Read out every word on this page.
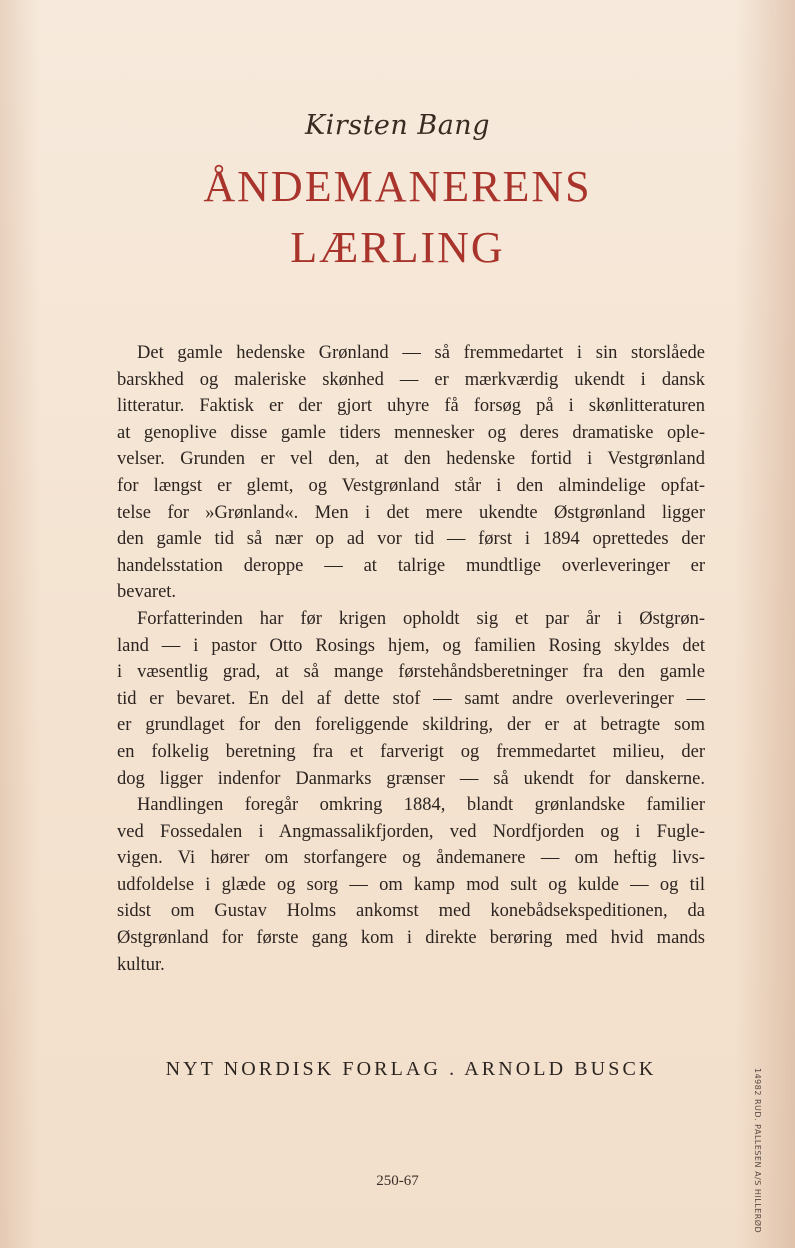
Kirsten Bang
ÅNDEMANERENS
LÆRLING

Det gamle hedenske Grønland — så fremmedartet i sin storslåede
barskhed og maleriske skønhed — er mærkværdig ukendt i dansk
litteratur. Faktisk er der gjort uhyre få forsøg på i skønlitteraturen
at genoplive disse gamle tiders mennesker og deres dramatiske ople-
velser. Grunden er vel den, at den hedenske fortid i Vestgrønland
for længst er glemt, og Vestgrønland står i den almindelige opfat-
telse for »Grønland«. Men i det mere ukendte Østgrønland ligger
den gamle tid så nær op ad vor tid — først i 1894 oprettedes der
handelsstation deroppe — at talrige mundtlige overleveringer er
bevaret.

Forfatterinden har før krigen opholdt sig et par år i Østgrøn-
land — i pastor Otto Rosings hjem, og familien Rosing skyldes det
i væsentlig grad, at så mange førstehåndsberetninger fra den gamle
tid er bevaret. En del af dette stof — samt andre overleveringer —
er grundlaget for den foreliggende skildring, der er at betragte som
en folkelig beretning fra et farverigt og fremmedartet milieu, der
dog ligger indenfor Danmarks grænser — så ukendt for danskerne.

Handlingen foregår omkring 1884, blandt grønlandske familier
ved Fossedalen i Angmassalikfjorden, ved Nordfjorden og i Fugle-
vigen. Vi hører om storfangere og åndemanere — om heftig livs-
udfoldelse i glæde og sorg — om kamp mod sult og kulde — og til
sidst om Gustav Holms ankomst med konebådsekspeditionen, da
Østgrønland for første gang kom i direkte berøring med hvid mands
kultur.

NYT NORDISK FORLAG . ARNOLD BUSCK
250-67	14982 RUD. PALLESEN A/S HILLERØD
